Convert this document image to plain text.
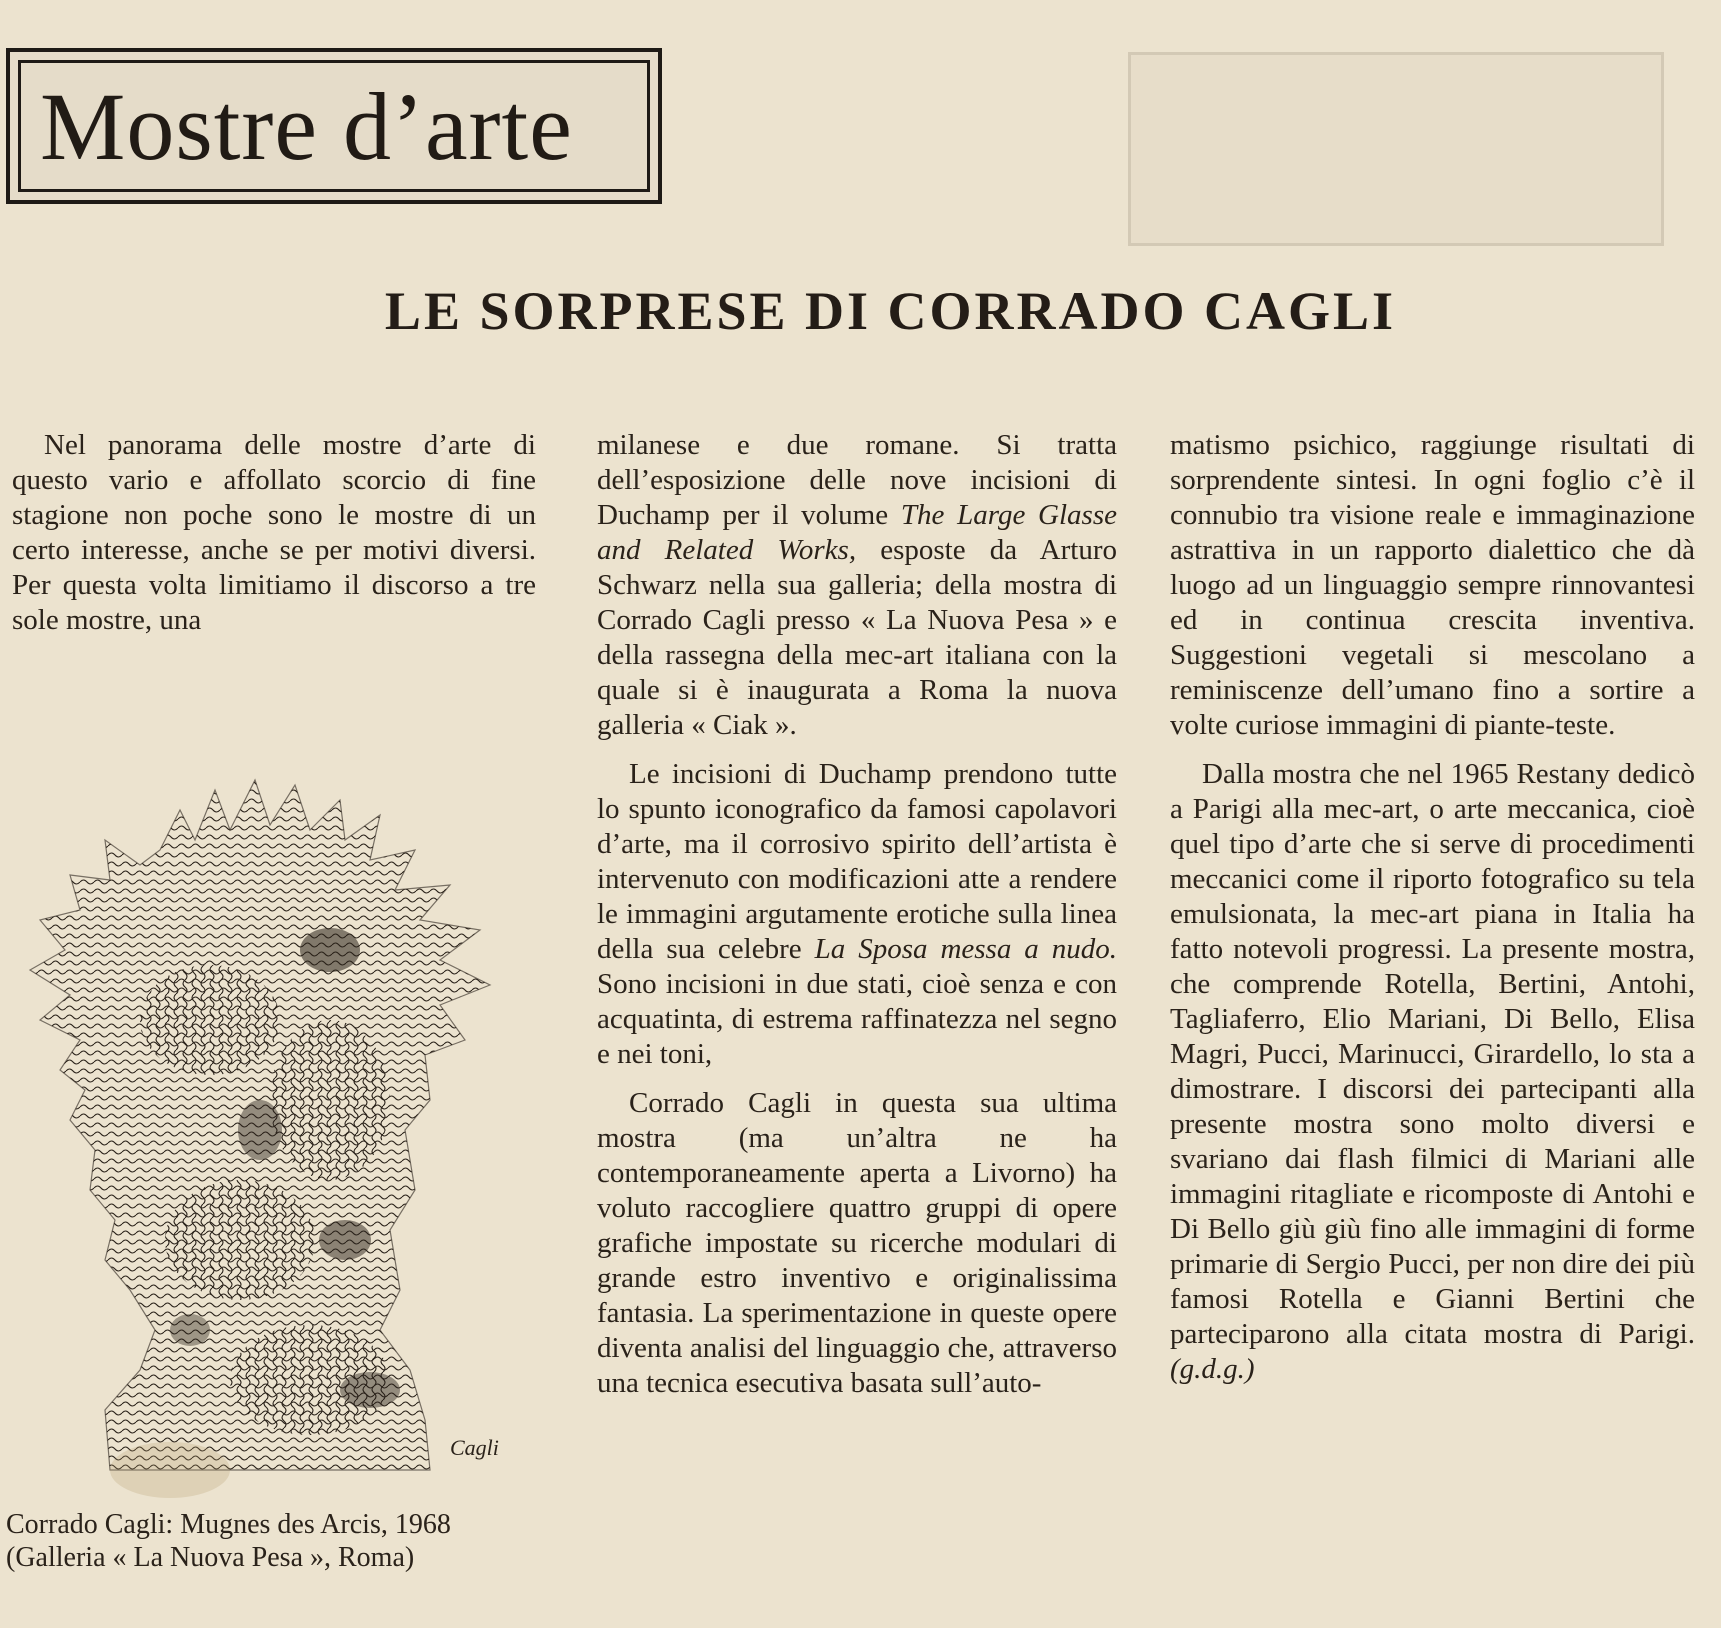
Mostre d’arte
LE SORPRESE DI CORRADO CAGLI

Nel panorama delle mostre d’arte di questo vario e affollato scorcio di fine stagione non poche sono le mostre di un certo interesse, anche se per motivi diversi. Per questa volta limitiamo il discorso a tre sole mostre, una

Cagli
Corrado Cagli: Mugnes des Arcis, 1968 (Galleria « La Nuova Pesa », Roma)

milanese e due romane. Si tratta dell’esposizione delle nove incisioni di Duchamp per il volume The Large Glasse and Related Works, esposte da Arturo Schwarz nella sua galleria; della mostra di Corrado Cagli presso « La Nuova Pesa » e della rassegna della mec-art italiana con la quale si è inaugurata a Roma la nuova galleria « Ciak ».

Le incisioni di Duchamp prendono tutte lo spunto iconografico da famosi capolavori d’arte, ma il corrosivo spirito dell’artista è intervenuto con modificazioni atte a rendere le immagini argutamente erotiche sulla linea della sua celebre La Sposa messa a nudo. Sono incisioni in due stati, cioè senza e con acquatinta, di estrema raffinatezza nel segno e nei toni,

Corrado Cagli in questa sua ultima mostra (ma un’altra ne ha contemporaneamente aperta a Livorno) ha voluto raccogliere quattro gruppi di opere grafiche impostate su ricerche modulari di grande estro inventivo e originalissima fantasia. La sperimentazione in queste opere diventa analisi del linguaggio che, attraverso una tecnica esecutiva basata sull’auto-

matismo psichico, raggiunge risultati di sorprendente sintesi. In ogni foglio c’è il connubio tra visione reale e immaginazione astrattiva in un rapporto dialettico che dà luogo ad un linguaggio sempre rinnovantesi ed in continua crescita inventiva. Suggestioni vegetali si mescolano a reminiscenze dell’umano fino a sortire a volte curiose immagini di piante-teste.

Dalla mostra che nel 1965 Restany dedicò a Parigi alla mec-art, o arte meccanica, cioè quel tipo d’arte che si serve di procedimenti meccanici come il riporto fotografico su tela emulsionata, la mec-art piana in Italia ha fatto notevoli progressi. La presente mostra, che comprende Rotella, Bertini, Antohi, Tagliaferro, Elio Mariani, Di Bello, Elisa Magri, Pucci, Marinucci, Girardello, lo sta a dimostrare. I discorsi dei partecipanti alla presente mostra sono molto diversi e svariano dai flash filmici di Mariani alle immagini ritagliate e ricomposte di Antohi e Di Bello giù giù fino alle immagini di forme primarie di Sergio Pucci, per non dire dei più famosi Rotella e Gianni Bertini che parteciparono alla citata mostra di Parigi. (g.d.g.)
